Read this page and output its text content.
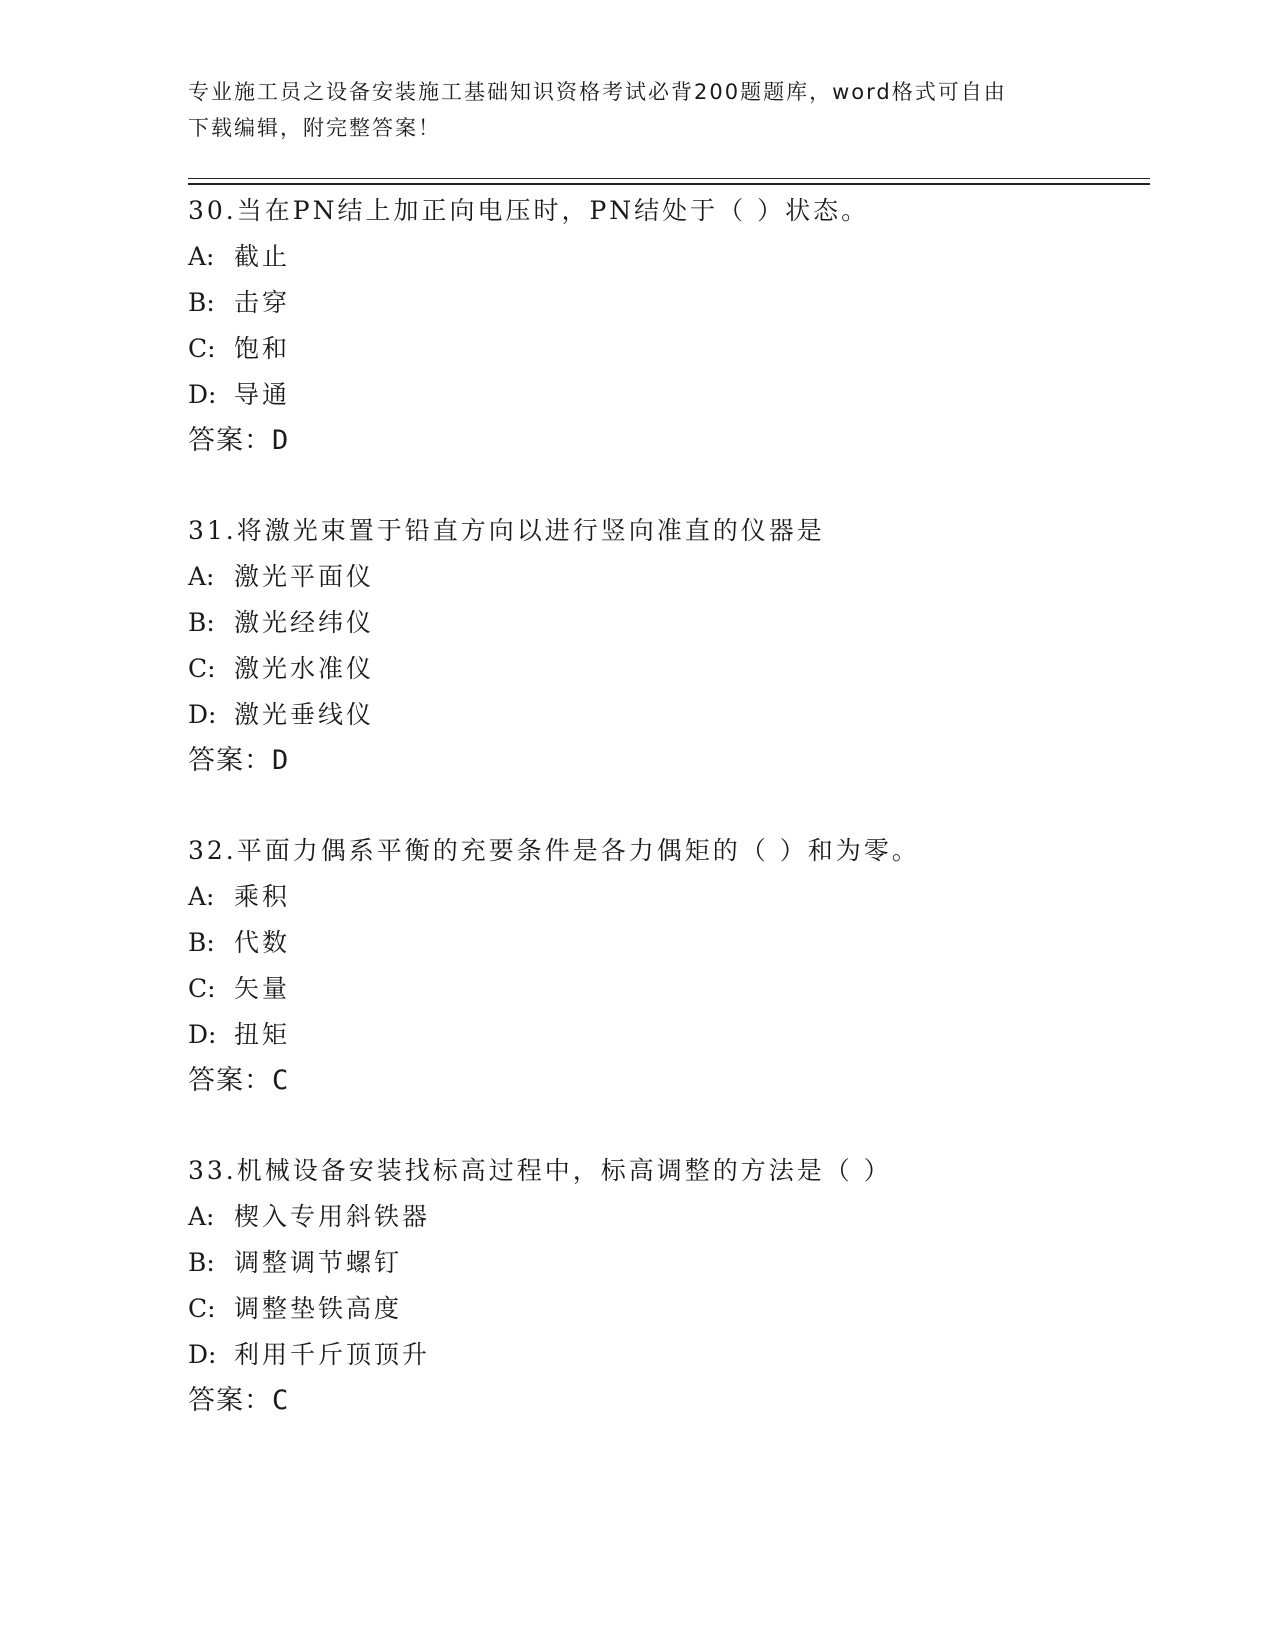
专业施工员之设备安装施工基础知识资格考试必背200题题库，word格式可自由
下载编辑，附完整答案！
30.当在PN结上加正向电压时，PN结处于（ ）状态。
A: 截止
B: 击穿
C: 饱和
D: 导通
答案：D
31.将激光束置于铅直方向以进行竖向准直的仪器是
A: 激光平面仪
B: 激光经纬仪
C: 激光水准仪
D: 激光垂线仪
答案：D
32.平面力偶系平衡的充要条件是各力偶矩的（ ）和为零。
A: 乘积
B: 代数
C: 矢量
D: 扭矩
答案：C
33.机械设备安装找标高过程中，标高调整的方法是（ ）
A: 楔入专用斜铁器
B: 调整调节螺钉
C: 调整垫铁高度
D: 利用千斤顶顶升
答案：C
